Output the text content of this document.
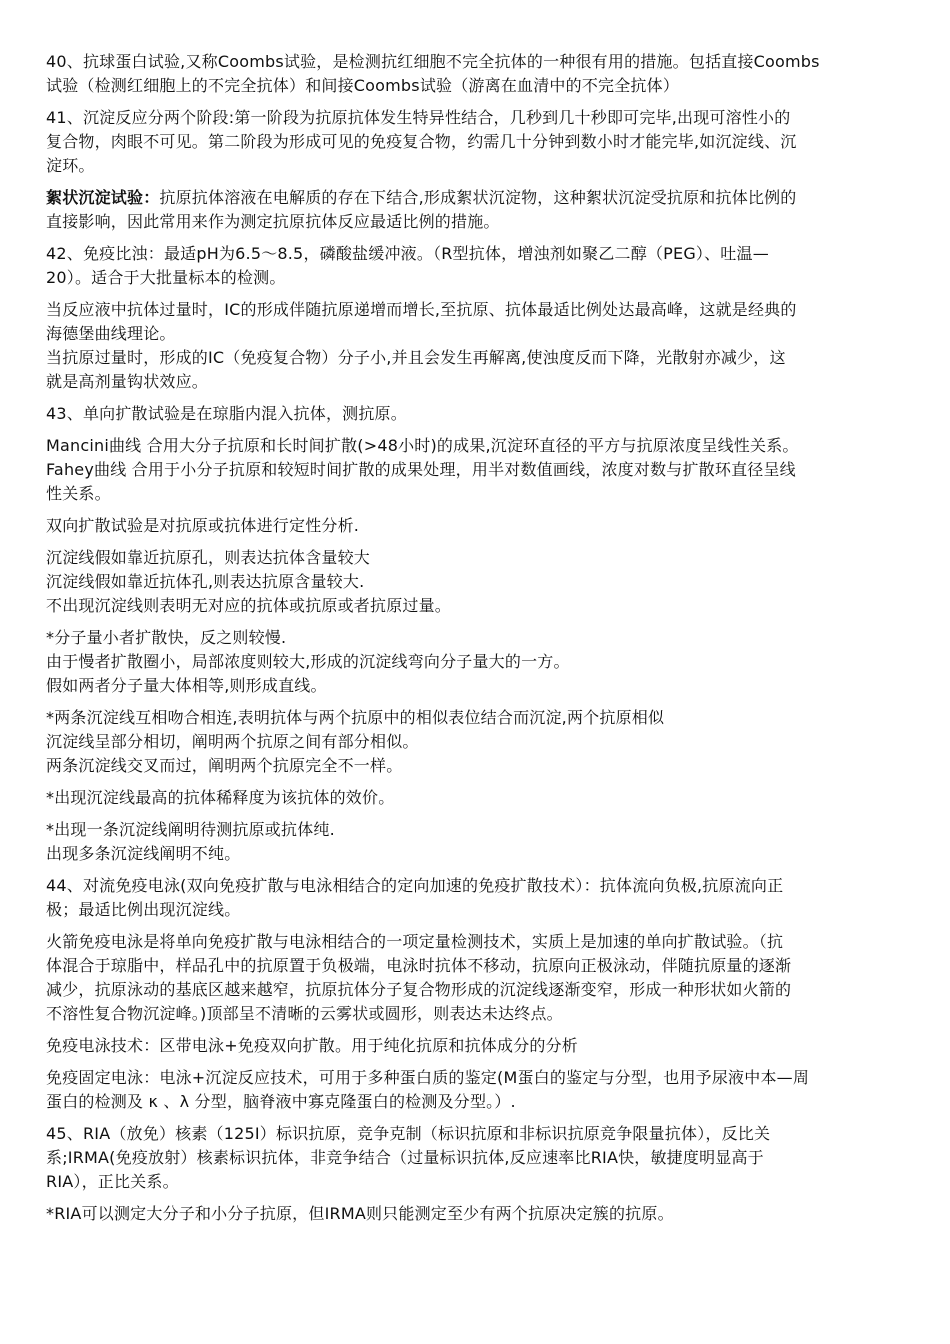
40、抗球蛋白试验,又称Coombs试验，是检测抗红细胞不完全抗体的一种很有用的措施。包括直接Coombs
试验（检测红细胞上的不完全抗体）和间接Coombs试验（游离在血清中的不完全抗体）
41、沉淀反应分两个阶段:第一阶段为抗原抗体发生特异性结合，几秒到几十秒即可完毕,出现可溶性小的
复合物，肉眼不可见。第二阶段为形成可见的免疫复合物，约需几十分钟到数小时才能完毕,如沉淀线、沉
淀环。
絮状沉淀试验：抗原抗体溶液在电解质的存在下结合,形成絮状沉淀物，这种絮状沉淀受抗原和抗体比例的
直接影响，因此常用来作为测定抗原抗体反应最适比例的措施。
42、免疫比浊：最适pH为6.5～8.5，磷酸盐缓冲液。（R型抗体，增浊剂如聚乙二醇（PEG）、吐温—
20）。适合于大批量标本的检测。
当反应液中抗体过量时，IC的形成伴随抗原递增而增长,至抗原、抗体最适比例处达最高峰，这就是经典的
海德堡曲线理论。
当抗原过量时，形成的IC（免疫复合物）分子小,并且会发生再解离,使浊度反而下降，光散射亦减少，这
就是高剂量钩状效应。
43、单向扩散试验是在琼脂内混入抗体，测抗原。
Mancini曲线 合用大分子抗原和长时间扩散(>48小时)的成果,沉淀环直径的平方与抗原浓度呈线性关系。
Fahey曲线 合用于小分子抗原和较短时间扩散的成果处理，用半对数值画线，浓度对数与扩散环直径呈线
性关系。
双向扩散试验是对抗原或抗体进行定性分析.
沉淀线假如靠近抗原孔，则表达抗体含量较大
沉淀线假如靠近抗体孔,则表达抗原含量较大.
不出现沉淀线则表明无对应的抗体或抗原或者抗原过量。
*分子量小者扩散快，反之则较慢.
由于慢者扩散圈小，局部浓度则较大,形成的沉淀线弯向分子量大的一方。
假如两者分子量大体相等,则形成直线。
*两条沉淀线互相吻合相连,表明抗体与两个抗原中的相似表位结合而沉淀,两个抗原相似
沉淀线呈部分相切，阐明两个抗原之间有部分相似。
两条沉淀线交叉而过，阐明两个抗原完全不一样。
*出现沉淀线最高的抗体稀释度为该抗体的效价。
*出现一条沉淀线阐明待测抗原或抗体纯.
出现多条沉淀线阐明不纯。
44、对流免疫电泳(双向免疫扩散与电泳相结合的定向加速的免疫扩散技术）：抗体流向负极,抗原流向正
极；最适比例出现沉淀线。
火箭免疫电泳是将单向免疫扩散与电泳相结合的一项定量检测技术，实质上是加速的单向扩散试验。（抗
体混合于琼脂中，样品孔中的抗原置于负极端，电泳时抗体不移动，抗原向正极泳动，伴随抗原量的逐渐
减少，抗原泳动的基底区越来越窄，抗原抗体分子复合物形成的沉淀线逐渐变窄，形成一种形状如火箭的
不溶性复合物沉淀峰。)顶部呈不清晰的云雾状或圆形，则表达未达终点。
免疫电泳技术：区带电泳+免疫双向扩散。用于纯化抗原和抗体成分的分析
免疫固定电泳：电泳+沉淀反应技术，可用于多种蛋白质的鉴定(M蛋白的鉴定与分型，也用予尿液中本—周
蛋白的检测及 κ 、λ 分型，脑脊液中寡克隆蛋白的检测及分型。）.
45、RIA（放免）核素（125Ⅰ）标识抗原，竞争克制（标识抗原和非标识抗原竞争限量抗体），反比关
系;IRMA(免疫放射）核素标识抗体，非竞争结合（过量标识抗体,反应速率比RIA快，敏捷度明显高于
RIA），正比关系。
*RIA可以测定大分子和小分子抗原，但IRMA则只能测定至少有两个抗原决定簇的抗原。
